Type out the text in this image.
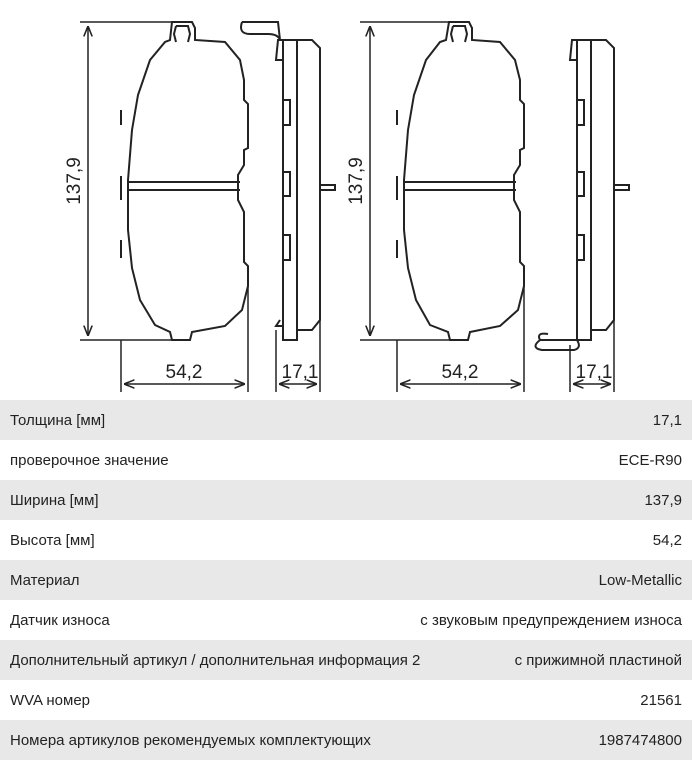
137,9
54,2	17,1
137,9
54,2	17,1
Толщина [мм]	17,1
проверочное значение	ECE-R90
Ширина [мм]	137,9
Высота [мм]	54,2
Материал	Low-Metallic
Датчик износа	с звуковым предупреждением износа
Дополнительный артикул / дополнительная информация 2	с прижимной пластиной
WVA номер	21561
Номера артикулов рекомендуемых комплектующих	1987474800
